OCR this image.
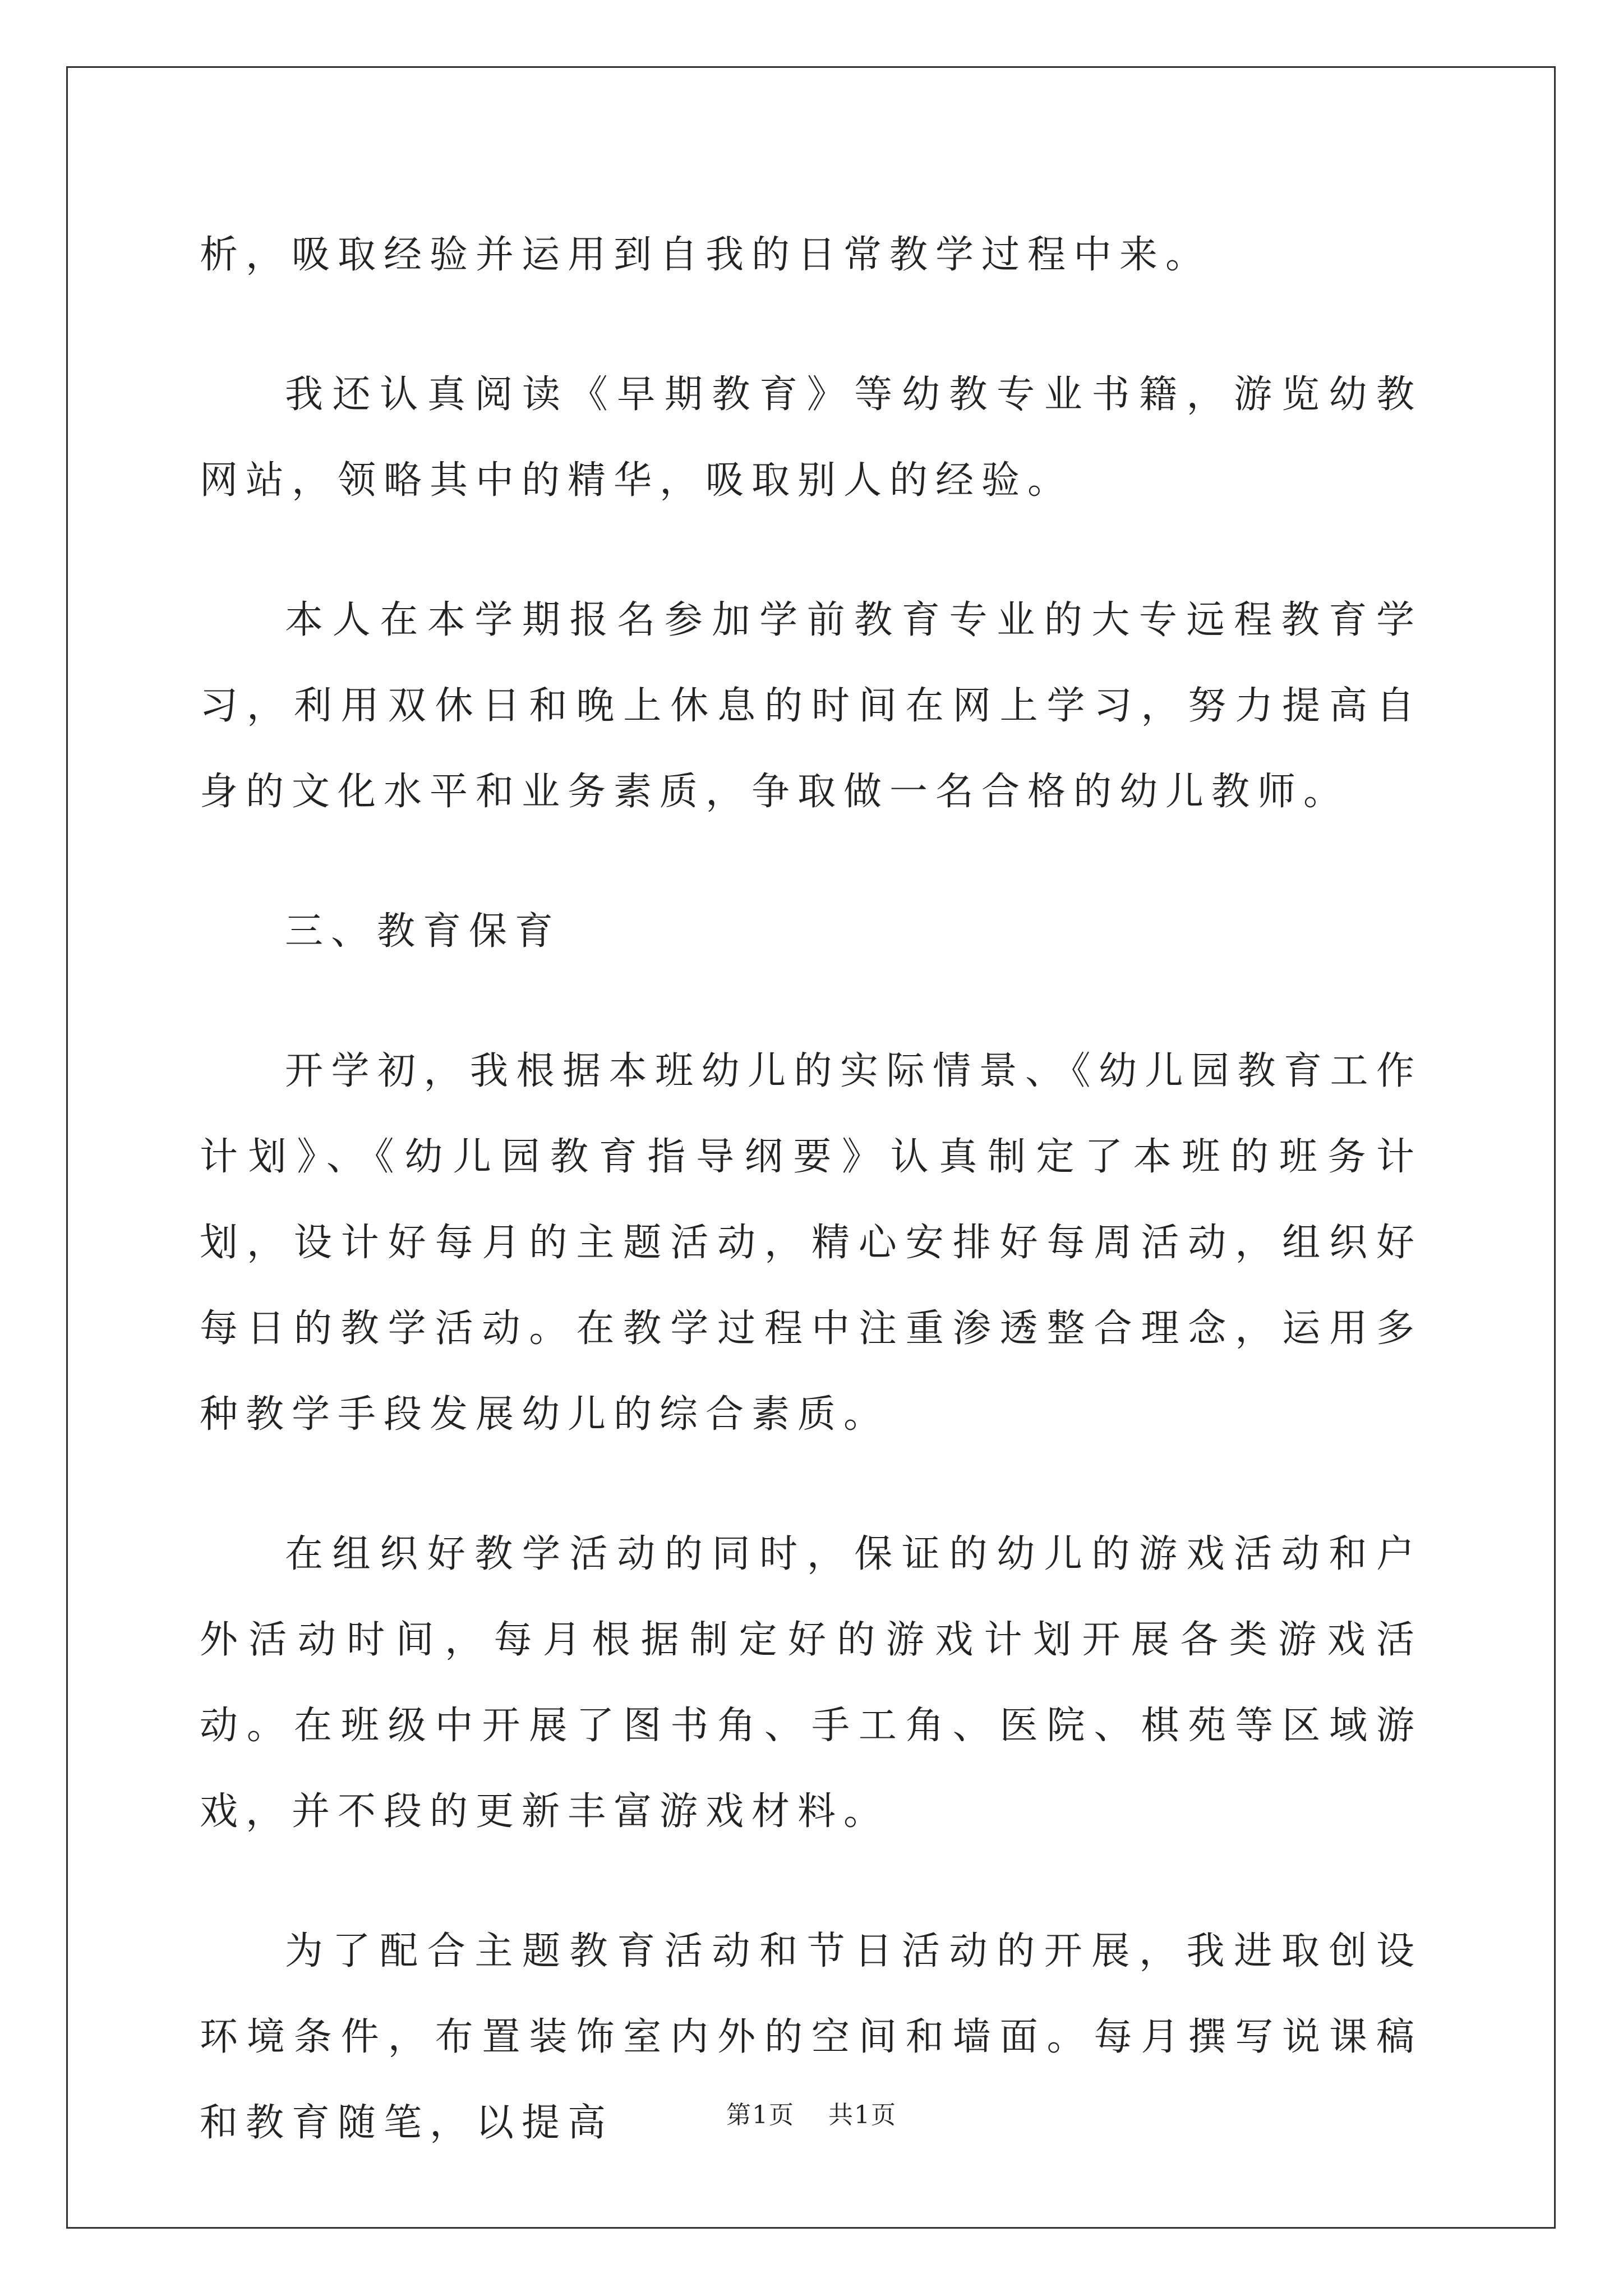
析，吸取经验并运用到自我的日常教学过程中来。

我还认真阅读《早期教育》等幼教专业书籍，游览幼教网站，领略其中的精华，吸取别人的经验。

本人在本学期报名参加学前教育专业的大专远程教育学习，利用双休日和晚上休息的时间在网上学习，努力提高自身的文化水平和业务素质，争取做一名合格的幼儿教师。

三、教育保育

开学初，我根据本班幼儿的实际情景、《幼儿园教育工作计划》、《幼儿园教育指导纲要》认真制定了本班的班务计划，设计好每月的主题活动，精心安排好每周活动，组织好每日的教学活动。在教学过程中注重渗透整合理念，运用多种教学手段发展幼儿的综合素质。

在组织好教学活动的同时，保证的幼儿的游戏活动和户外活动时间，每月根据制定好的游戏计划开展各类游戏活动。在班级中开展了图书角、手工角、医院、棋苑等区域游戏，并不段的更新丰富游戏材料。

为了配合主题教育活动和节日活动的开展，我进取创设环境条件，布置装饰室内外的空间和墙面。每月撰写说课稿和教育随笔，以提高	第1页 共1页
